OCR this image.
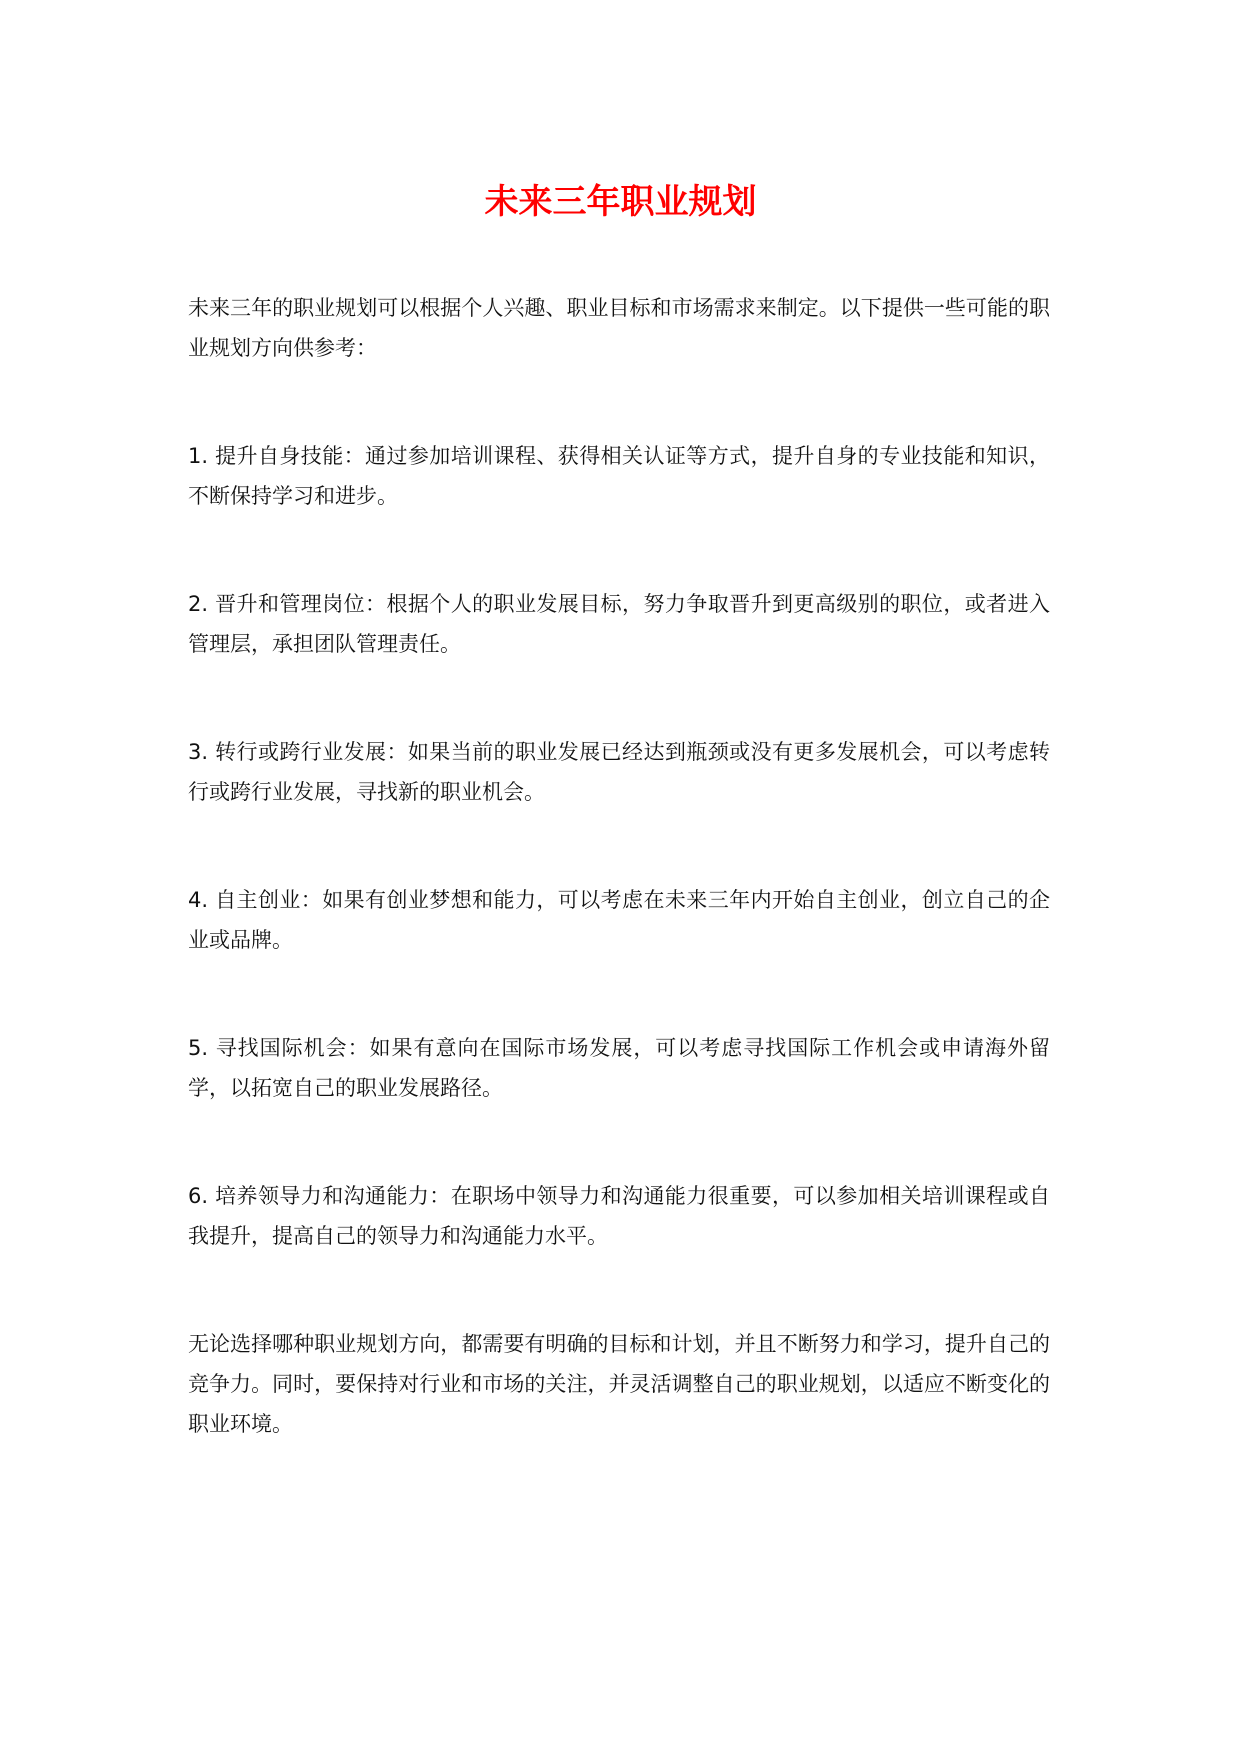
未来三年职业规划

未来三年的职业规划可以根据个人兴趣、职业目标和市场需求来制定。以下提供一些可能的职业规划方向供参考：

1. 提升自身技能：通过参加培训课程、获得相关认证等方式，提升自身的专业技能和知识，不断保持学习和进步。

2. 晋升和管理岗位：根据个人的职业发展目标，努力争取晋升到更高级别的职位，或者进入管理层，承担团队管理责任。

3. 转行或跨行业发展：如果当前的职业发展已经达到瓶颈或没有更多发展机会，可以考虑转行或跨行业发展，寻找新的职业机会。

4. 自主创业：如果有创业梦想和能力，可以考虑在未来三年内开始自主创业，创立自己的企业或品牌。

5. 寻找国际机会：如果有意向在国际市场发展，可以考虑寻找国际工作机会或申请海外留学，以拓宽自己的职业发展路径。

6. 培养领导力和沟通能力：在职场中领导力和沟通能力很重要，可以参加相关培训课程或自我提升，提高自己的领导力和沟通能力水平。

无论选择哪种职业规划方向，都需要有明确的目标和计划，并且不断努力和学习，提升自己的竞争力。同时，要保持对行业和市场的关注，并灵活调整自己的职业规划，以适应不断变化的职业环境。
